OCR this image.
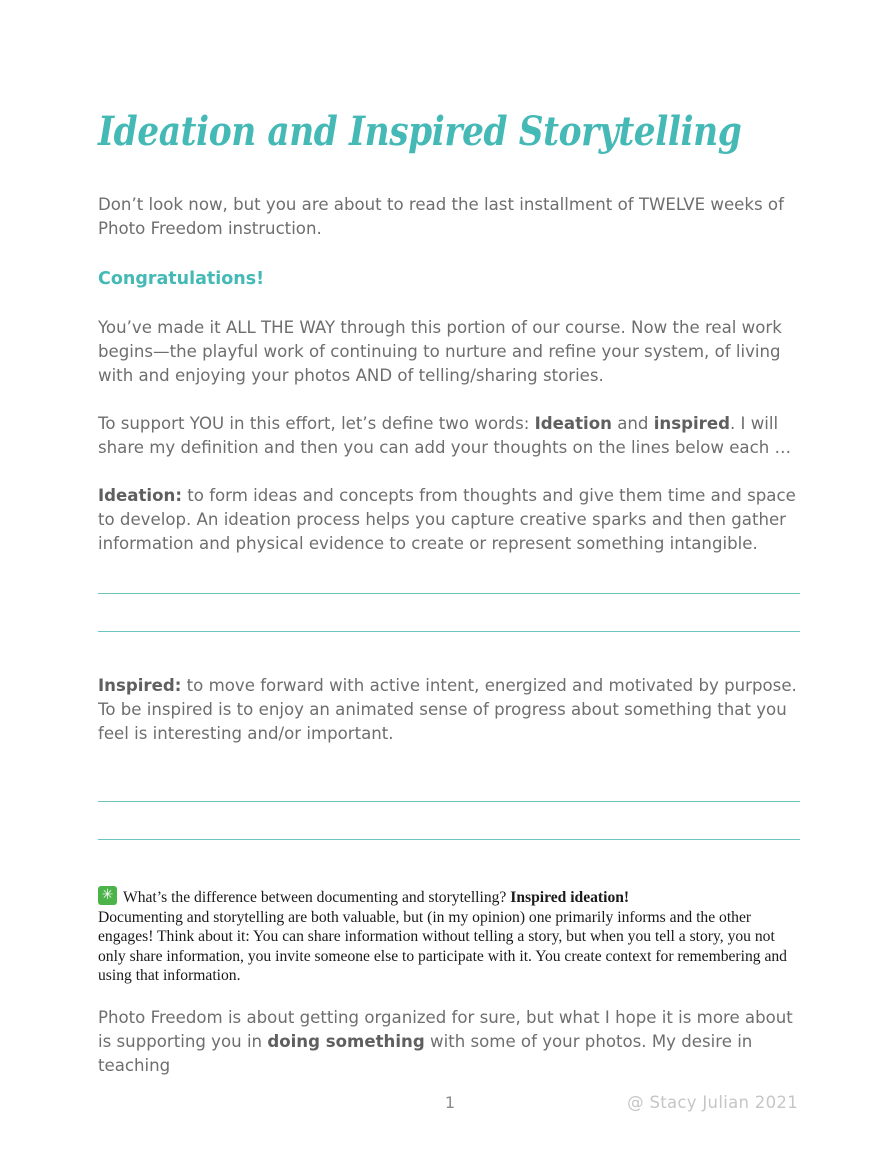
Ideation and Inspired Storytelling

Don’t look now, but you are about to read the last installment of TWELVE weeks of Photo Freedom instruction.

Congratulations!

You’ve made it ALL THE WAY through this portion of our course. Now the real work begins—the playful work of continuing to nurture and refine your system, of living with and enjoying your photos AND of telling/sharing stories.

To support YOU in this effort, let’s define two words: Ideation and inspired. I will share my definition and then you can add your thoughts on the lines below each …

Ideation: to form ideas and concepts from thoughts and give them time and space to develop. An ideation process helps you capture creative sparks and then gather information and physical evidence to create or represent something intangible.

Inspired: to move forward with active intent, energized and motivated by purpose. To be inspired is to enjoy an animated sense of progress about something that you feel is interesting and/or important.

✳What’s the difference between documenting and storytelling? Inspired ideation!
Documenting and storytelling are both valuable, but (in my opinion) one primarily informs and the other engages! Think about it: You can share information without telling a story, but when you tell a story, you not only share information, you invite someone else to participate with it. You create context for remembering and using that information.

Photo Freedom is about getting organized for sure, but what I hope it is more about is supporting you in doing something with some of your photos. My desire in teaching

1	@ Stacy Julian 2021
